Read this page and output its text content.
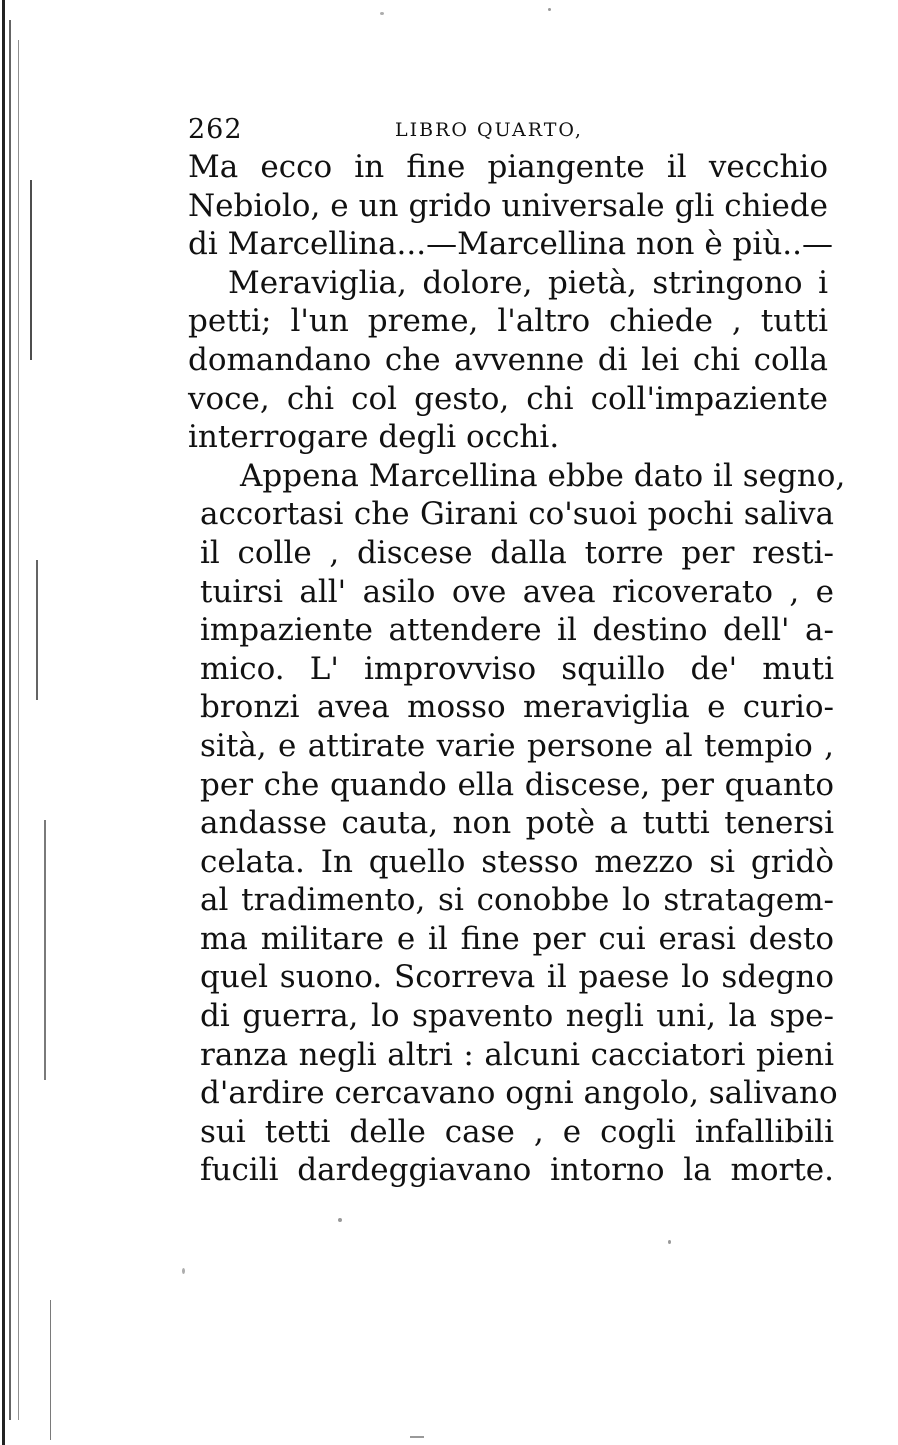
262	LIBRO QUARTO,
Ma ecco in fine piangente il vecchio
Nebiolo, e un grido universale gli chiede
di Marcellina...—Marcellina non è più..—
Meraviglia, dolore, pietà, stringono i
petti; l'un preme, l'altro chiede , tutti
domandano che avvenne di lei chi colla
voce, chi col gesto, chi coll'impaziente
interrogare degli occhi.
Appena Marcellina ebbe dato il segno,
accortasi che Girani co'suoi pochi saliva
il colle , discese dalla torre per resti-
tuirsi all' asilo ove avea ricoverato , e
impaziente attendere il destino dell' a-
mico. L' improvviso squillo de' muti
bronzi avea mosso meraviglia e curio-
sità, e attirate varie persone al tempio ,
per che quando ella discese, per quanto
andasse cauta, non potè a tutti tenersi
celata. In quello stesso mezzo si gridò
al tradimento, si conobbe lo stratagem-
ma militare e il fine per cui erasi desto
quel suono. Scorreva il paese lo sdegno
di guerra, lo spavento negli uni, la spe-
ranza negli altri : alcuni cacciatori pieni
d'ardire cercavano ogni angolo, salivano
sui tetti delle case , e cogli infallibili
fucili dardeggiavano intorno la morte.
